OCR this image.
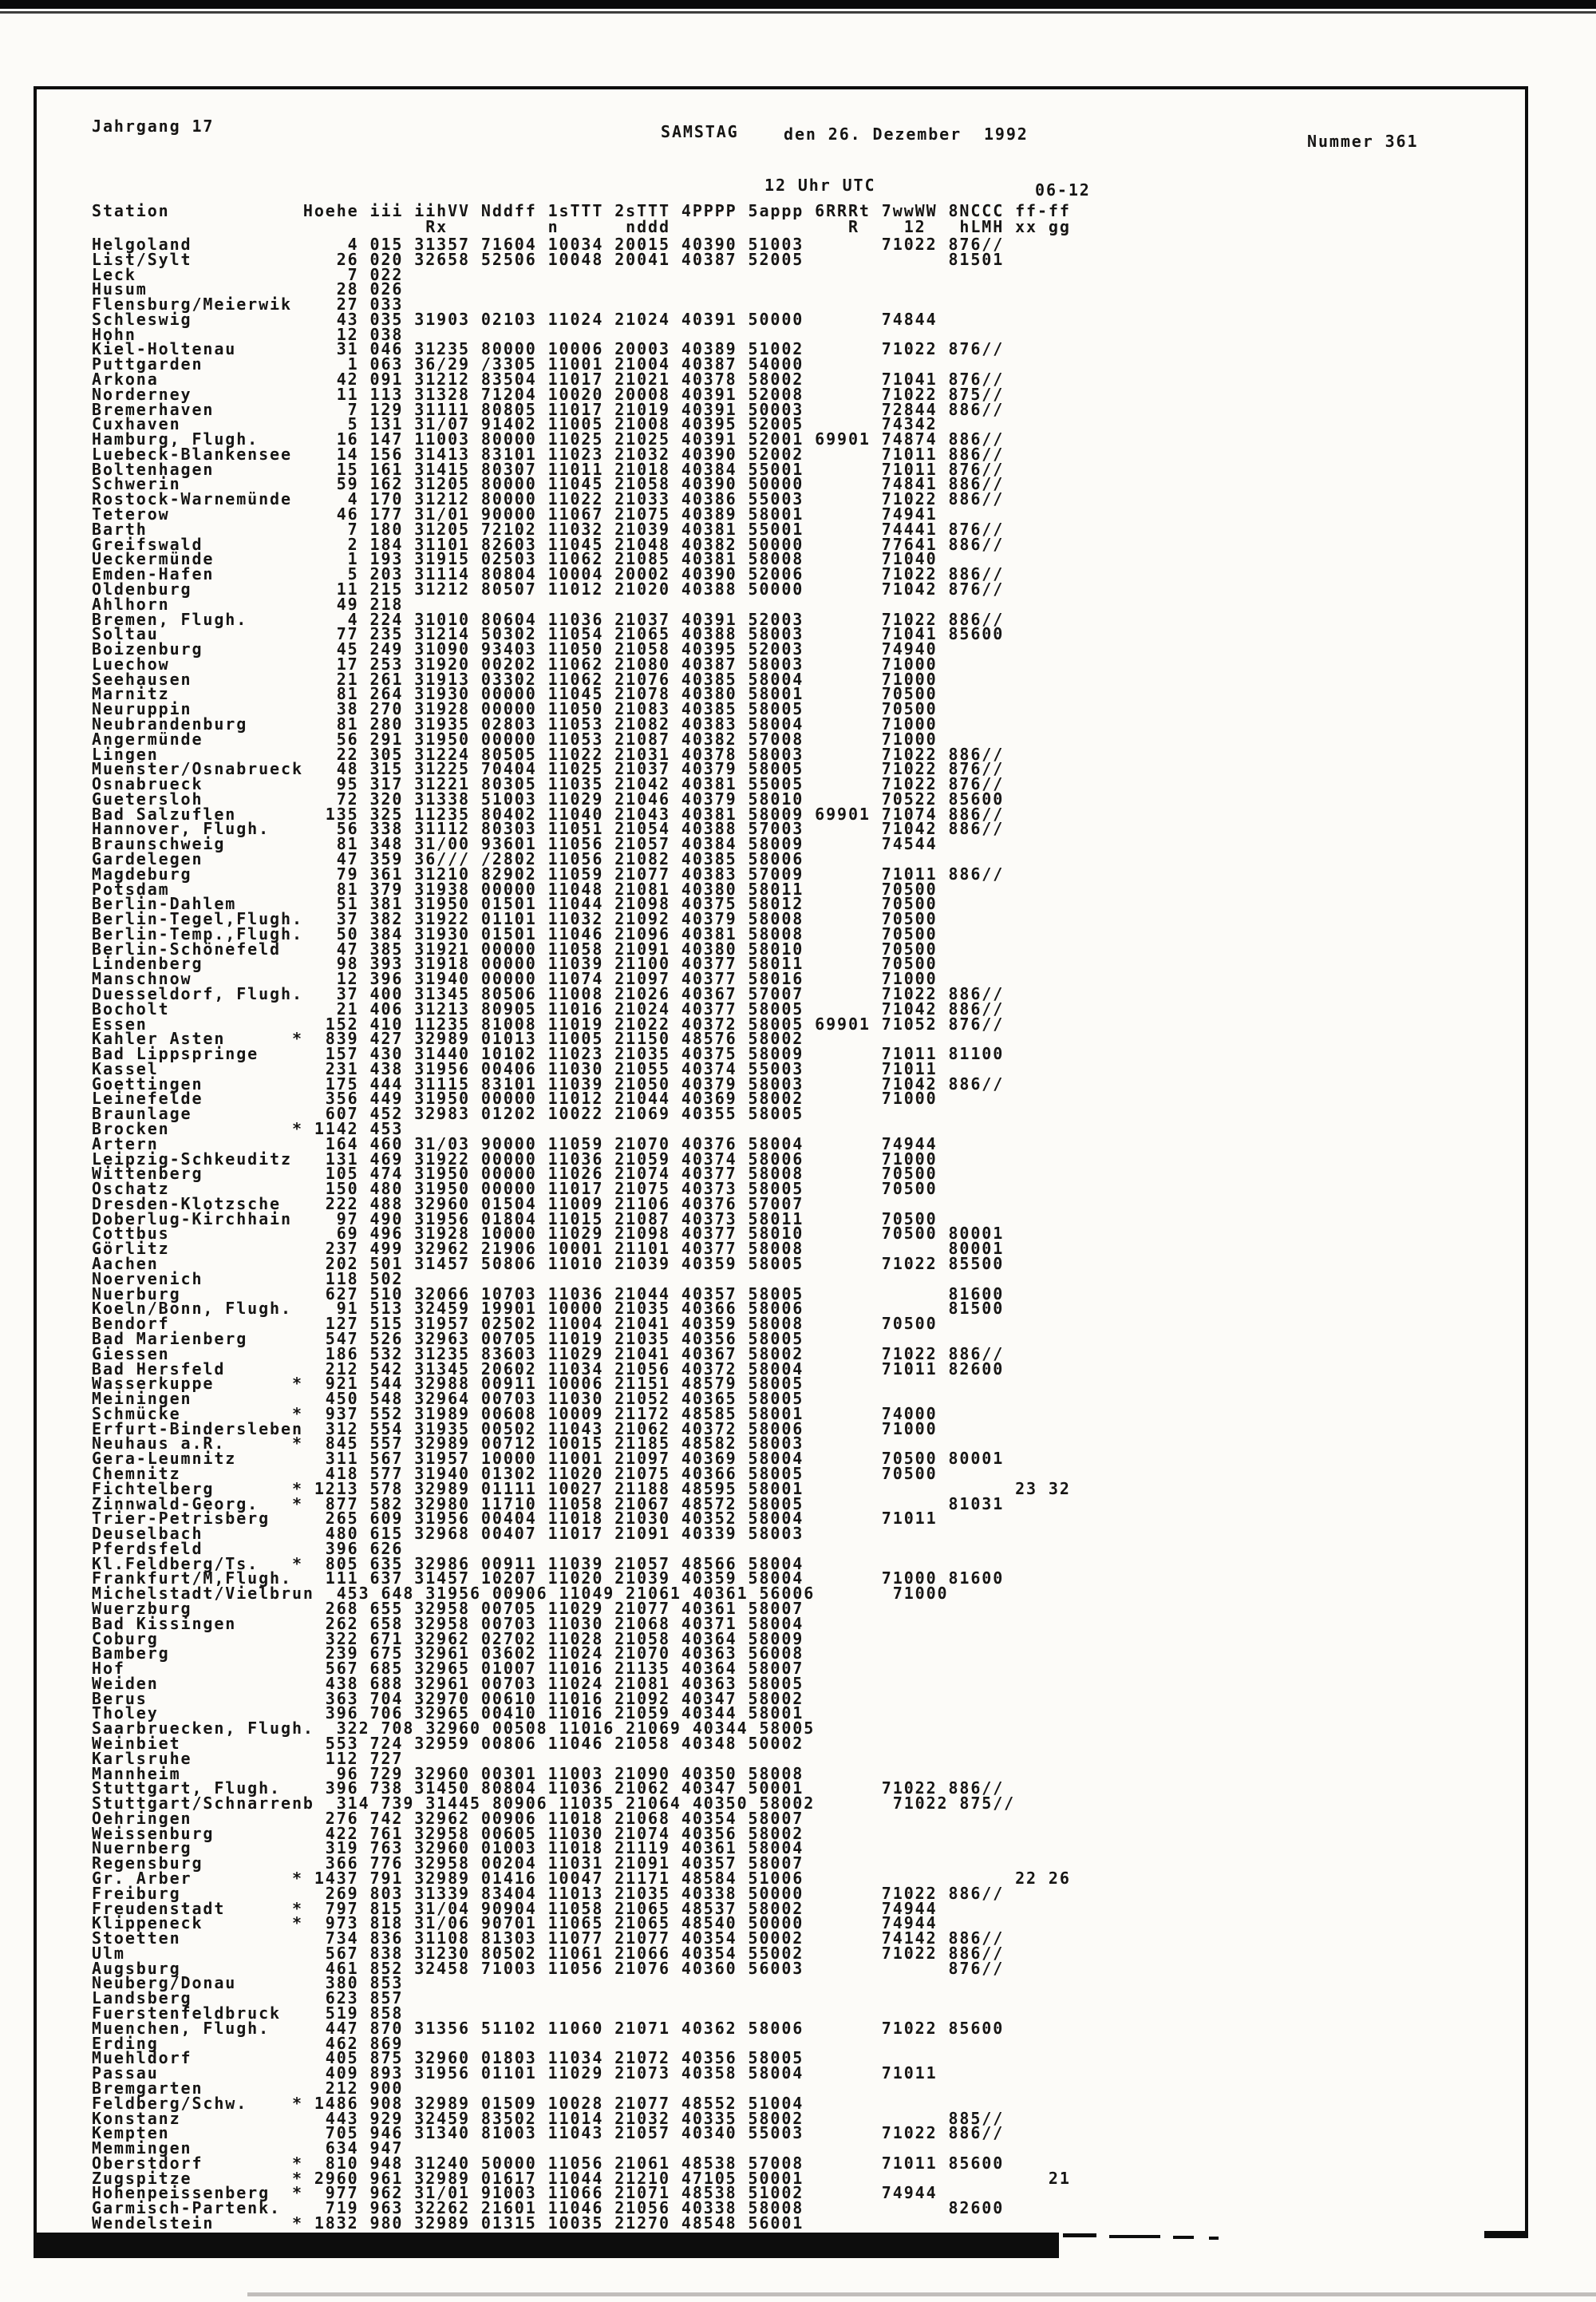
Jahrgang 17	SAMSTAG	den 26. Dezember  1992	Nummer 361
12 Uhr UTC	06-12
Station            Hoehe iii iihVV Nddff 1sTTT 2sTTT 4PPPP 5appp 6RRRt 7wwWW 8NCCC ff-ff
Rx         n      nddd                R    12   hLMH xx gg
Helgoland              4 015 31357 71604 10034 20015 40390 51003       71022 876//
List/Sylt             26 020 32658 52506 10048 20041 40387 52005             81501
Leck                   7 022
Husum                 28 026
Flensburg/Meierwik    27 033
Schleswig             43 035 31903 02103 11024 21024 40391 50000       74844
Hohn                  12 038
Kiel-Holtenau         31 046 31235 80000 10006 20003 40389 51002       71022 876//
Puttgarden             1 063 36/29 /3305 11001 21004 40387 54000
Arkona                42 091 31212 83504 11017 21021 40378 58002       71041 876//
Norderney             11 113 31328 71204 10020 20008 40391 52008       71022 875//
Bremerhaven            7 129 31111 80805 11017 21019 40391 50003       72844 886//
Cuxhaven               5 131 31/07 91402 11005 21008 40395 52005       74342
Hamburg, Flugh.       16 147 11003 80000 11025 21025 40391 52001 69901 74874 886//
Luebeck-Blankensee    14 156 31413 83101 11023 21032 40390 52002       71011 886//
Boltenhagen           15 161 31415 80307 11011 21018 40384 55001       71011 876//
Schwerin              59 162 31205 80000 11045 21058 40390 50000       74841 886//
Rostock-Warnemünde     4 170 31212 80000 11022 21033 40386 55003       71022 886//
Teterow               46 177 31/01 90000 11067 21075 40389 58001       74941
Barth                  7 180 31205 72102 11032 21039 40381 55001       74441 876//
Greifswald             2 184 31101 82603 11045 21048 40382 50000       77641 886//
Ueckermünde            1 193 31915 02503 11062 21085 40381 58008       71040
Emden-Hafen            5 203 31114 80804 10004 20002 40390 52006       71022 886//
Oldenburg             11 215 31212 80507 11012 21020 40388 50000       71042 876//
Ahlhorn               49 218
Bremen, Flugh.         4 224 31010 80604 11036 21037 40391 52003       71022 886//
Soltau                77 235 31214 50302 11054 21065 40388 58003       71041 85600
Boizenburg            45 249 31090 93403 11050 21058 40395 52003       74940
Luechow               17 253 31920 00202 11062 21080 40387 58003       71000
Seehausen             21 261 31913 03302 11062 21076 40385 58004       71000
Marnitz               81 264 31930 00000 11045 21078 40380 58001       70500
Neuruppin             38 270 31928 00000 11050 21083 40385 58005       70500
Neubrandenburg        81 280 31935 02803 11053 21082 40383 58004       71000
Angermünde            56 291 31950 00000 11053 21087 40382 57008       71000
Lingen                22 305 31224 80505 11022 21031 40378 58003       71022 886//
Muenster/Osnabrueck   48 315 31225 70404 11025 21037 40379 58005       71022 876//
Osnabrueck            95 317 31221 80305 11035 21042 40381 55005       71022 876//
Guetersloh            72 320 31338 51003 11029 21046 40379 58010       70522 85600
Bad Salzuflen        135 325 11235 80402 11040 21043 40381 58009 69901 71074 886//
Hannover, Flugh.      56 338 31112 80303 11051 21054 40388 57003       71042 886//
Braunschweig          81 348 31/00 93601 11056 21057 40384 58009       74544
Gardelegen            47 359 36/// /2802 11056 21082 40385 58006
Magdeburg             79 361 31210 82902 11059 21077 40383 57009       71011 886//
Potsdam               81 379 31938 00000 11048 21081 40380 58011       70500
Berlin-Dahlem         51 381 31950 01501 11044 21098 40375 58012       70500
Berlin-Tegel,Flugh.   37 382 31922 01101 11032 21092 40379 58008       70500
Berlin-Temp.,Flugh.   50 384 31930 01501 11046 21096 40381 58008       70500
Berlin-Schönefeld     47 385 31921 00000 11058 21091 40380 58010       70500
Lindenberg            98 393 31918 00000 11039 21100 40377 58011       70500
Manschnow             12 396 31940 00000 11074 21097 40377 58016       71000
Duesseldorf, Flugh.   37 400 31345 80506 11008 21026 40367 57007       71022 886//
Bocholt               21 406 31213 80905 11016 21024 40377 58005       71042 886//
Essen                152 410 11235 81008 11019 21022 40372 58005 69901 71052 876//
Kahler Asten      *  839 427 32989 01013 11005 21150 48576 58002
Bad Lippspringe      157 430 31440 10102 11023 21035 40375 58009       71011 81100
Kassel               231 438 31956 00406 11030 21055 40374 55003       71011
Goettingen           175 444 31115 83101 11039 21050 40379 58003       71042 886//
Leinefelde           356 449 31950 00000 11012 21044 40369 58002       71000
Braunlage            607 452 32983 01202 10022 21069 40355 58005
Brocken           * 1142 453
Artern               164 460 31/03 90000 11059 21070 40376 58004       74944
Leipzig-Schkeuditz   131 469 31922 00000 11036 21059 40374 58006       71000
Wittenberg           105 474 31950 00000 11026 21074 40377 58008       70500
Oschatz              150 480 31950 00000 11017 21075 40373 58005       70500
Dresden-Klotzsche    222 488 32960 01504 11009 21106 40376 57007
Doberlug-Kirchhain    97 490 31956 01804 11015 21087 40373 58011       70500
Cottbus               69 496 31928 10000 11029 21098 40377 58010       70500 80001
Görlitz              237 499 32962 21906 10001 21101 40377 58008             80001
Aachen               202 501 31457 50806 11010 21039 40359 58005       71022 85500
Noervenich           118 502
Nuerburg             627 510 32066 10703 11036 21044 40357 58005             81600
Koeln/Bonn, Flugh.    91 513 32459 19901 10000 21035 40366 58006             81500
Bendorf              127 515 31957 02502 11004 21041 40359 58008       70500
Bad Marienberg       547 526 32963 00705 11019 21035 40356 58005
Giessen              186 532 31235 83603 11029 21041 40367 58002       71022 886//
Bad Hersfeld         212 542 31345 20602 11034 21056 40372 58004       71011 82600
Wasserkuppe       *  921 544 32988 00911 10006 21151 48579 58005
Meiningen            450 548 32964 00703 11030 21052 40365 58005
Schmücke          *  937 552 31989 00608 10009 21172 48585 58001       74000
Erfurt-Bindersleben  312 554 31935 00502 11043 21062 40372 58006       71000
Neuhaus a.R.      *  845 557 32989 00712 10015 21185 48582 58003
Gera-Leumnitz        311 567 31957 10000 11001 21097 40369 58004       70500 80001
Chemnitz             418 577 31940 01302 11020 21075 40366 58005       70500
Fichtelberg       * 1213 578 32989 01111 10027 21188 48595 58001                   23 32
Zinnwald-Georg.   *  877 582 32980 11710 11058 21067 48572 58005             81031
Trier-Petrisberg     265 609 31956 00404 11018 21030 40352 58004       71011
Deuselbach           480 615 32968 00407 11017 21091 40339 58003
Pferdsfeld           396 626
Kl.Feldberg/Ts.   *  805 635 32986 00911 11039 21057 48566 58004
Frankfurt/M,Flugh.   111 637 31457 10207 11020 21039 40359 58004       71000 81600
Michelstadt/Vielbrun  453 648 31956 00906 11049 21061 40361 56006       71000
Wuerzburg            268 655 32958 00705 11029 21077 40361 58007
Bad Kissingen        262 658 32958 00703 11030 21068 40371 58004
Coburg               322 671 32962 02702 11028 21058 40364 58009
Bamberg              239 675 32961 03602 11024 21070 40363 56008
Hof                  567 685 32965 01007 11016 21135 40364 58007
Weiden               438 688 32961 00703 11024 21081 40363 58005
Berus                363 704 32970 00610 11016 21092 40347 58002
Tholey               396 706 32965 00410 11016 21059 40344 58001
Saarbruecken, Flugh.  322 708 32960 00508 11016 21069 40344 58005
Weinbiet             553 724 32959 00806 11046 21058 40348 50002
Karlsruhe            112 727
Mannheim              96 729 32960 00301 11003 21090 40350 58008
Stuttgart, Flugh.    396 738 31450 80804 11036 21062 40347 50001       71022 886//
Stuttgart/Schnarrenb  314 739 31445 80906 11035 21064 40350 58002       71022 875//
Oehringen            276 742 32962 00906 11018 21068 40354 58007
Weissenburg          422 761 32958 00605 11030 21074 40356 58002
Nuernberg            319 763 32960 01003 11018 21119 40361 58004
Regensburg           366 776 32958 00204 11031 21091 40357 58007
Gr. Arber         * 1437 791 32989 01416 10047 21171 48584 51006                   22 26
Freiburg             269 803 31339 83404 11013 21035 40338 50000       71022 886//
Freudenstadt      *  797 815 31/04 90904 11058 21065 48537 58002       74944
Klippeneck        *  973 818 31/06 90701 11065 21065 48540 50000       74944
Stoetten             734 836 31108 81303 11077 21077 40354 50002       74142 886//
Ulm                  567 838 31230 80502 11061 21066 40354 55002       71022 886//
Augsburg             461 852 32458 71003 11056 21076 40360 56003             876//
Neuberg/Donau        380 853
Landsberg            623 857
Fuerstenfeldbruck    519 858
Muenchen, Flugh.     447 870 31356 51102 11060 21071 40362 58006       71022 85600
Erding               462 869
Muehldorf            405 875 32960 01803 11034 21072 40356 58005
Passau               409 893 31956 01101 11029 21073 40358 58004       71011
Bremgarten           212 900
Feldberg/Schw.    * 1486 908 32989 01509 10028 21077 48552 51004
Konstanz             443 929 32459 83502 11014 21032 40335 58002             885//
Kempten              705 946 31340 81003 11043 21057 40340 55003       71022 886//
Memmingen            634 947
Oberstdorf        *  810 948 31240 50000 11056 21061 48538 57008       71011 85600
Zugspitze         * 2960 961 32989 01617 11044 21210 47105 50001                      21
Hohenpeissenberg  *  977 962 31/01 91003 11066 21071 48538 51002       74944
Garmisch-Partenk.    719 963 32262 21601 11046 21056 40338 58008             82600
Wendelstein       * 1832 980 32989 01315 10035 21270 48548 56001
